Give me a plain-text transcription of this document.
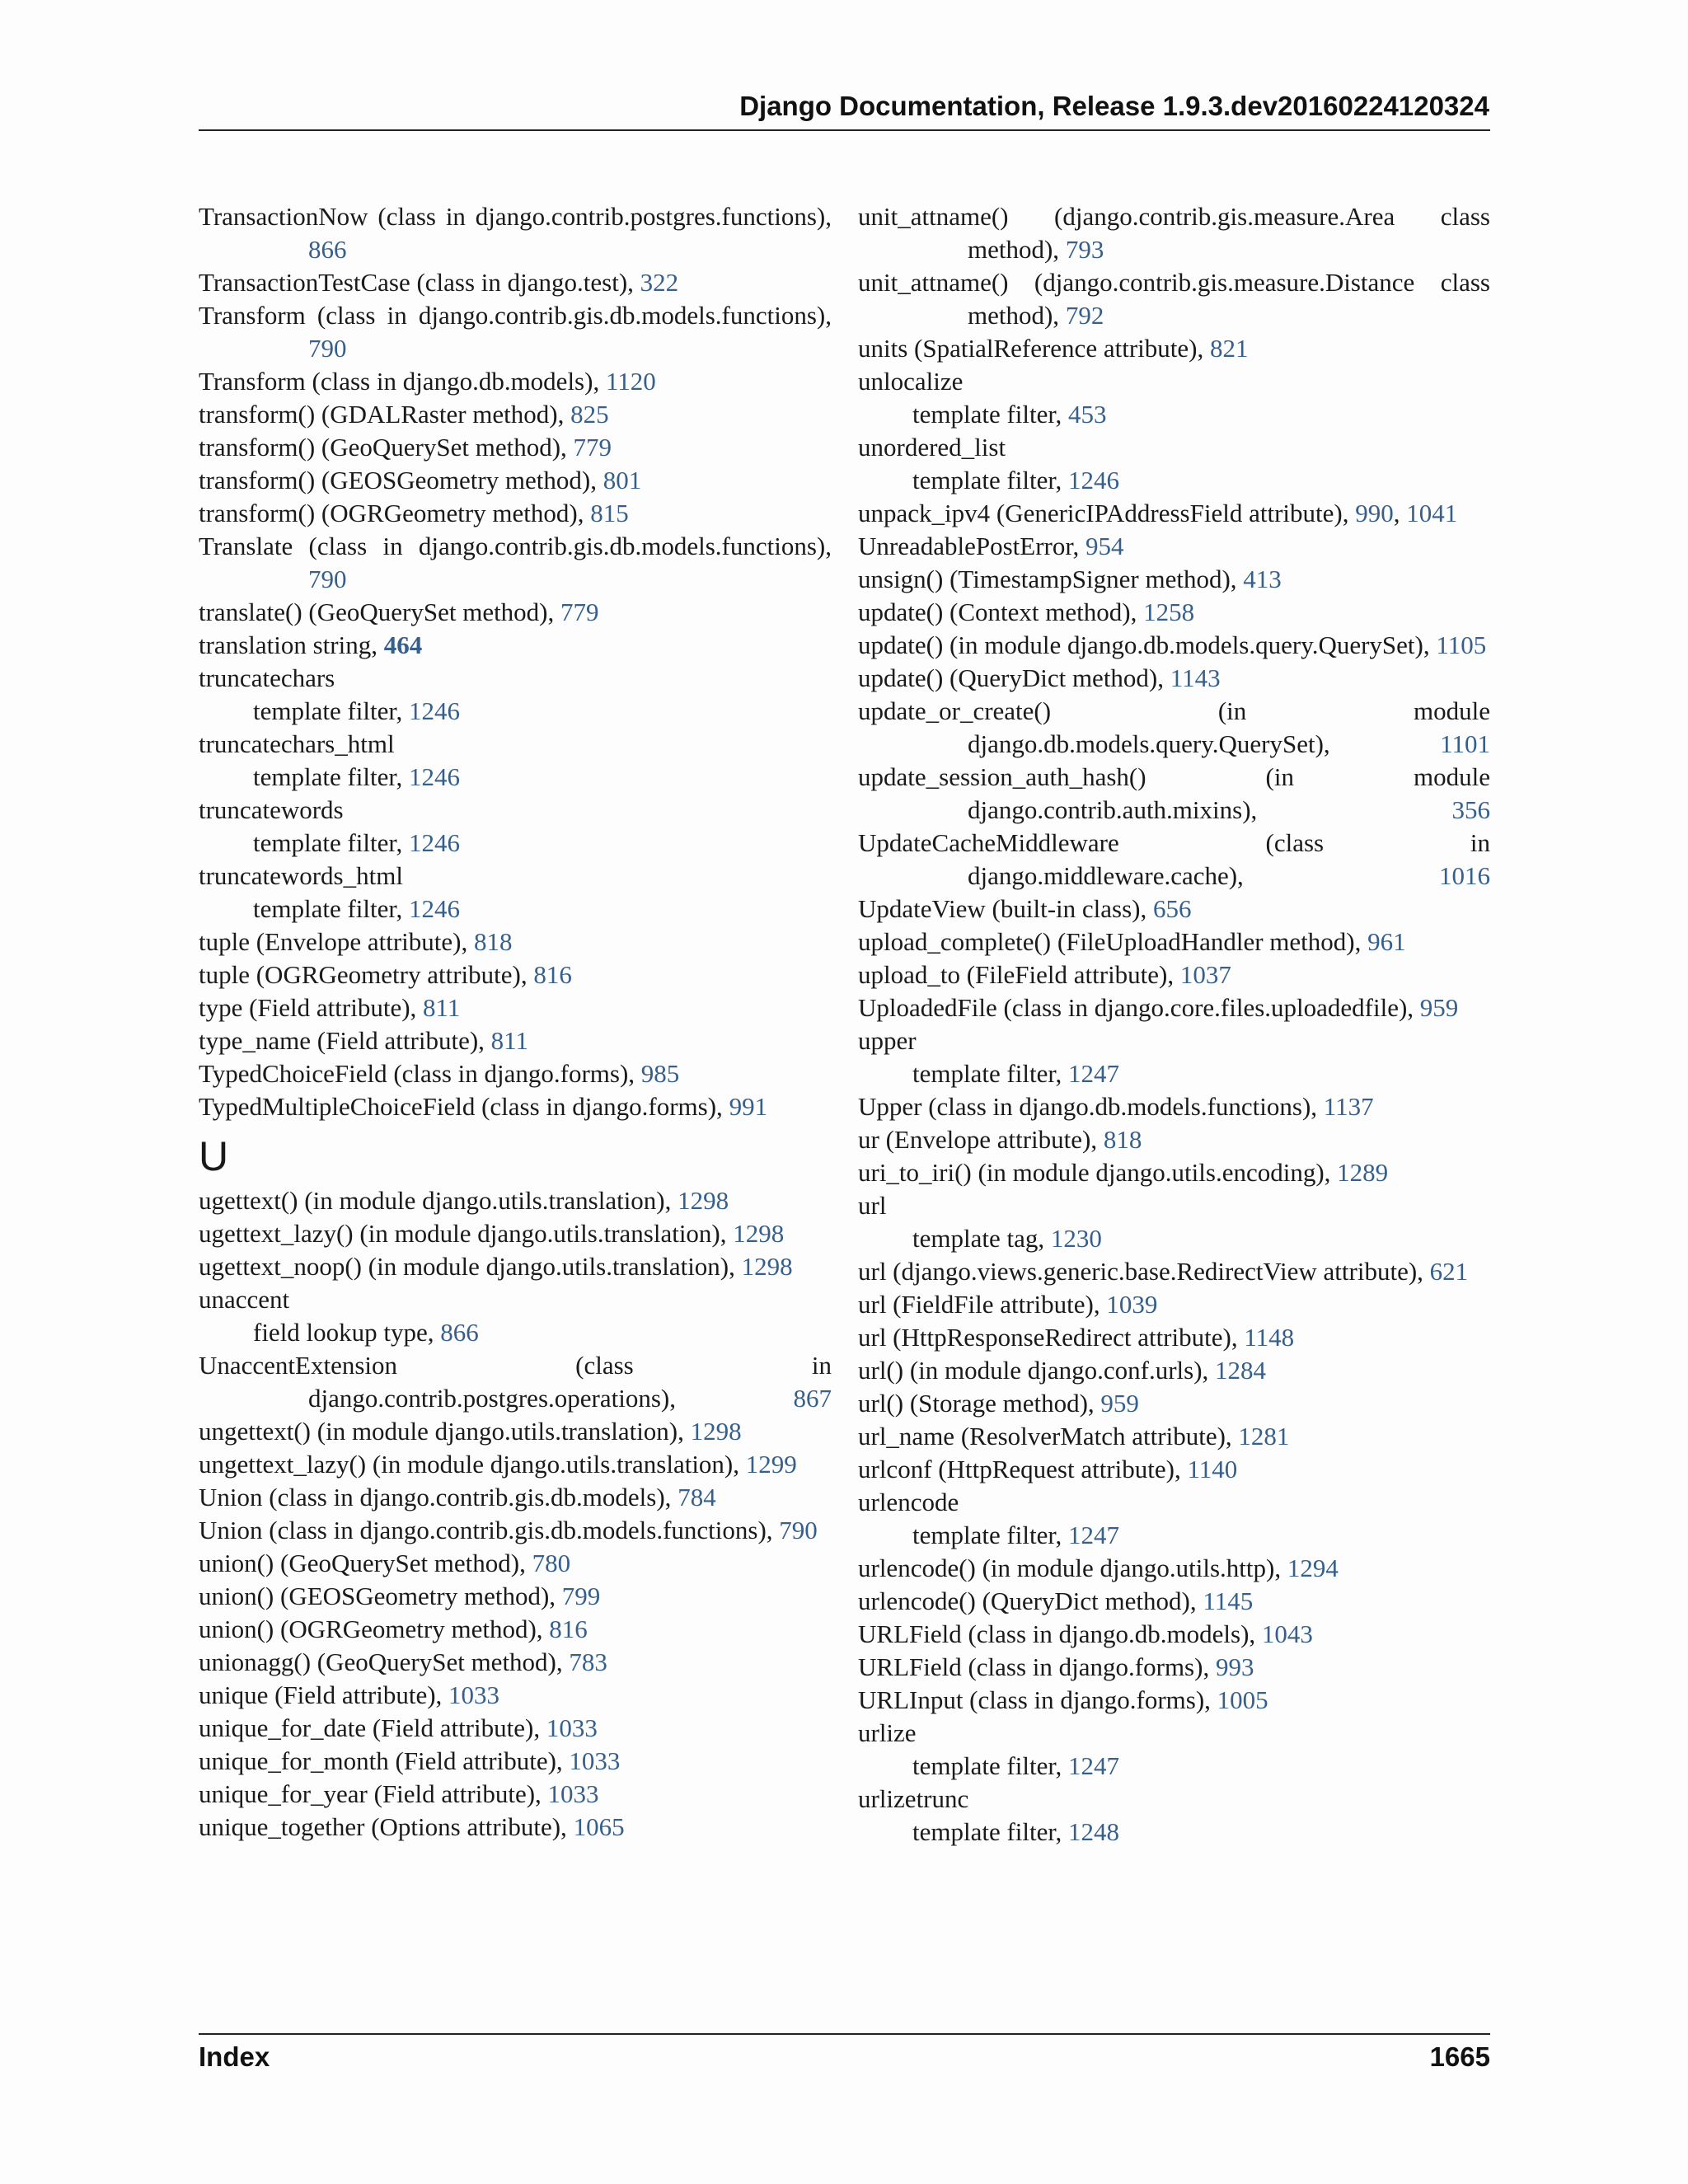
Django Documentation, Release 1.9.3.dev20160224120324

TransactionNow (class in django.contrib.postgres.functions), 866

TransactionTestCase (class in django.test), 322

Transform (class in django.contrib.gis.db.models.functions), 790

Transform (class in django.db.models), 1120

transform() (GDALRaster method), 825

transform() (GeoQuerySet method), 779

transform() (GEOSGeometry method), 801

transform() (OGRGeometry method), 815

Translate (class in django.contrib.gis.db.models.functions), 790

translate() (GeoQuerySet method), 779

translation string, 464

truncatechars

template filter, 1246

truncatechars_html

template filter, 1246

truncatewords

template filter, 1246

truncatewords_html

template filter, 1246

tuple (Envelope attribute), 818

tuple (OGRGeometry attribute), 816

type (Field attribute), 811

type_name (Field attribute), 811

TypedChoiceField (class in django.forms), 985

TypedMultipleChoiceField (class in django.forms), 991

U

ugettext() (in module django.utils.translation), 1298

ugettext_lazy() (in module django.utils.translation), 1298

ugettext_noop() (in module django.utils.translation), 1298

unaccent

field lookup type, 866

UnaccentExtension (class in django.contrib.postgres.operations), 867

ungettext() (in module django.utils.translation), 1298

ungettext_lazy() (in module django.utils.translation), 1299

Union (class in django.contrib.gis.db.models), 784

Union (class in django.contrib.gis.db.models.functions), 790

union() (GeoQuerySet method), 780

union() (GEOSGeometry method), 799

union() (OGRGeometry method), 816

unionagg() (GeoQuerySet method), 783

unique (Field attribute), 1033

unique_for_date (Field attribute), 1033

unique_for_month (Field attribute), 1033

unique_for_year (Field attribute), 1033

unique_together (Options attribute), 1065

unit_attname() (django.contrib.gis.measure.Area class method), 793

unit_attname() (django.contrib.gis.measure.Distance class method), 792

units (SpatialReference attribute), 821

unlocalize

template filter, 453

unordered_list

template filter, 1246

unpack_ipv4 (GenericIPAddressField attribute), 990, 1041

UnreadablePostError, 954

unsign() (TimestampSigner method), 413

update() (Context method), 1258

update() (in module django.db.models.query.QuerySet), 1105

update() (QueryDict method), 1143

update_or_create() (in module django.db.models.query.QuerySet), 1101

update_session_auth_hash() (in module django.contrib.auth.mixins), 356

UpdateCacheMiddleware (class in django.middleware.cache), 1016

UpdateView (built-in class), 656

upload_complete() (FileUploadHandler method), 961

upload_to (FileField attribute), 1037

UploadedFile (class in django.core.files.uploadedfile), 959

upper

template filter, 1247

Upper (class in django.db.models.functions), 1137

ur (Envelope attribute), 818

uri_to_iri() (in module django.utils.encoding), 1289

url

template tag, 1230

url (django.views.generic.base.RedirectView attribute), 621

url (FieldFile attribute), 1039

url (HttpResponseRedirect attribute), 1148

url() (in module django.conf.urls), 1284

url() (Storage method), 959

url_name (ResolverMatch attribute), 1281

urlconf (HttpRequest attribute), 1140

urlencode

template filter, 1247

urlencode() (in module django.utils.http), 1294

urlencode() (QueryDict method), 1145

URLField (class in django.db.models), 1043

URLField (class in django.forms), 993

URLInput (class in django.forms), 1005

urlize

template filter, 1247

urlizetrunc

template filter, 1248

Index	1665
